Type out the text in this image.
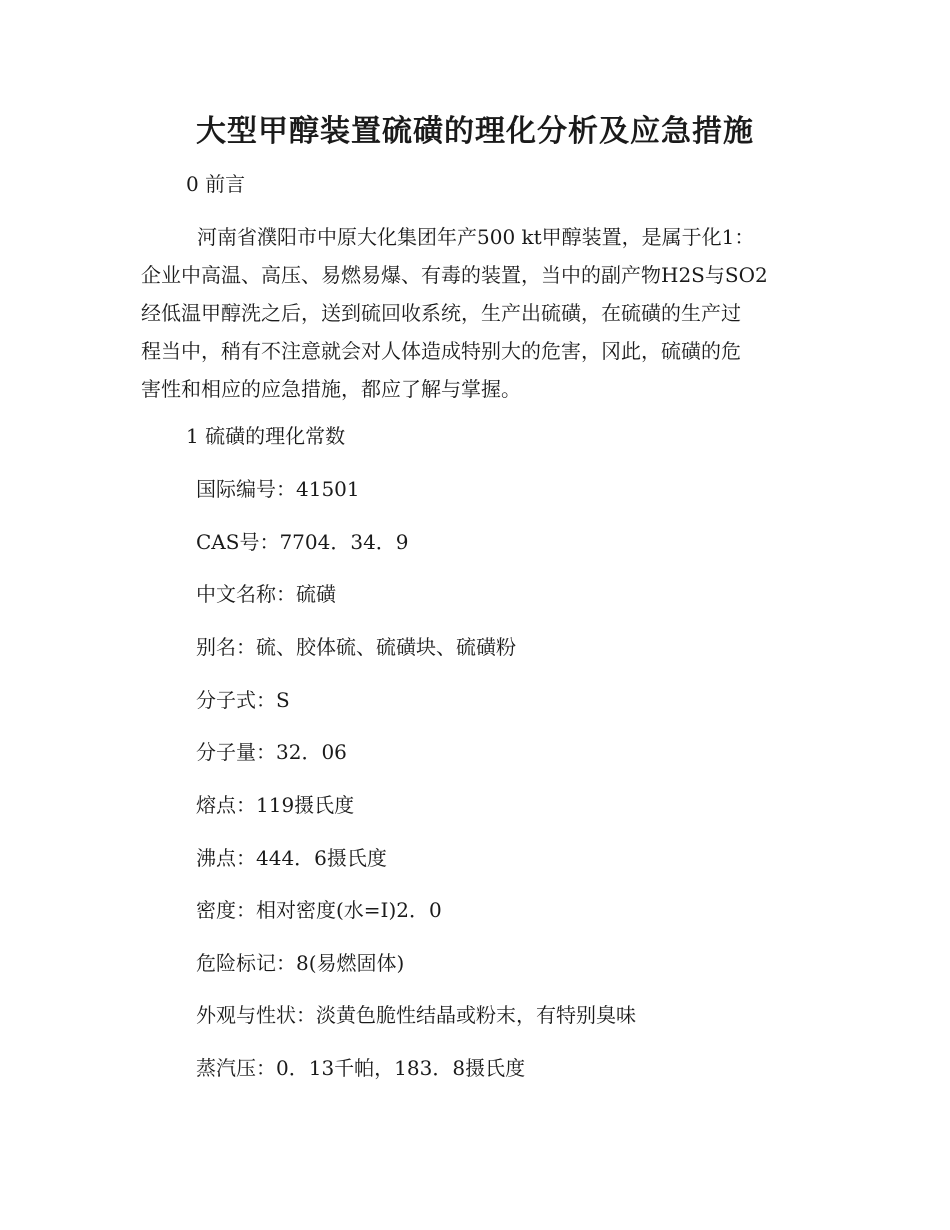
大型甲醇装置硫磺的理化分析及应急措施

0 前言

河南省濮阳市中原大化集团年产500 kt甲醇装置，是属于化1：
企业中高温、高压、易燃易爆、有毒的装置，当中的副产物H2S与SO2
经低温甲醇洗之后，送到硫回收系统，生产出硫磺，在硫磺的生产过
程当中，稍有不注意就会对人体造成特别大的危害，冈此，硫磺的危
害性和相应的应急措施，都应了解与掌握。

1 硫磺的理化常数

国际编号：41501

CAS号：7704．34．9

中文名称：硫磺

别名：硫、胶体硫、硫磺块、硫磺粉

分子式：S

分子量：32．06

熔点：119摄氏度

沸点：444．6摄氏度

密度：相对密度(水=I)2．0

危险标记：8(易燃固体)

外观与性状：淡黄色脆性结晶或粉末，有特别臭味

蒸汽压：0．13千帕，183．8摄氏度
